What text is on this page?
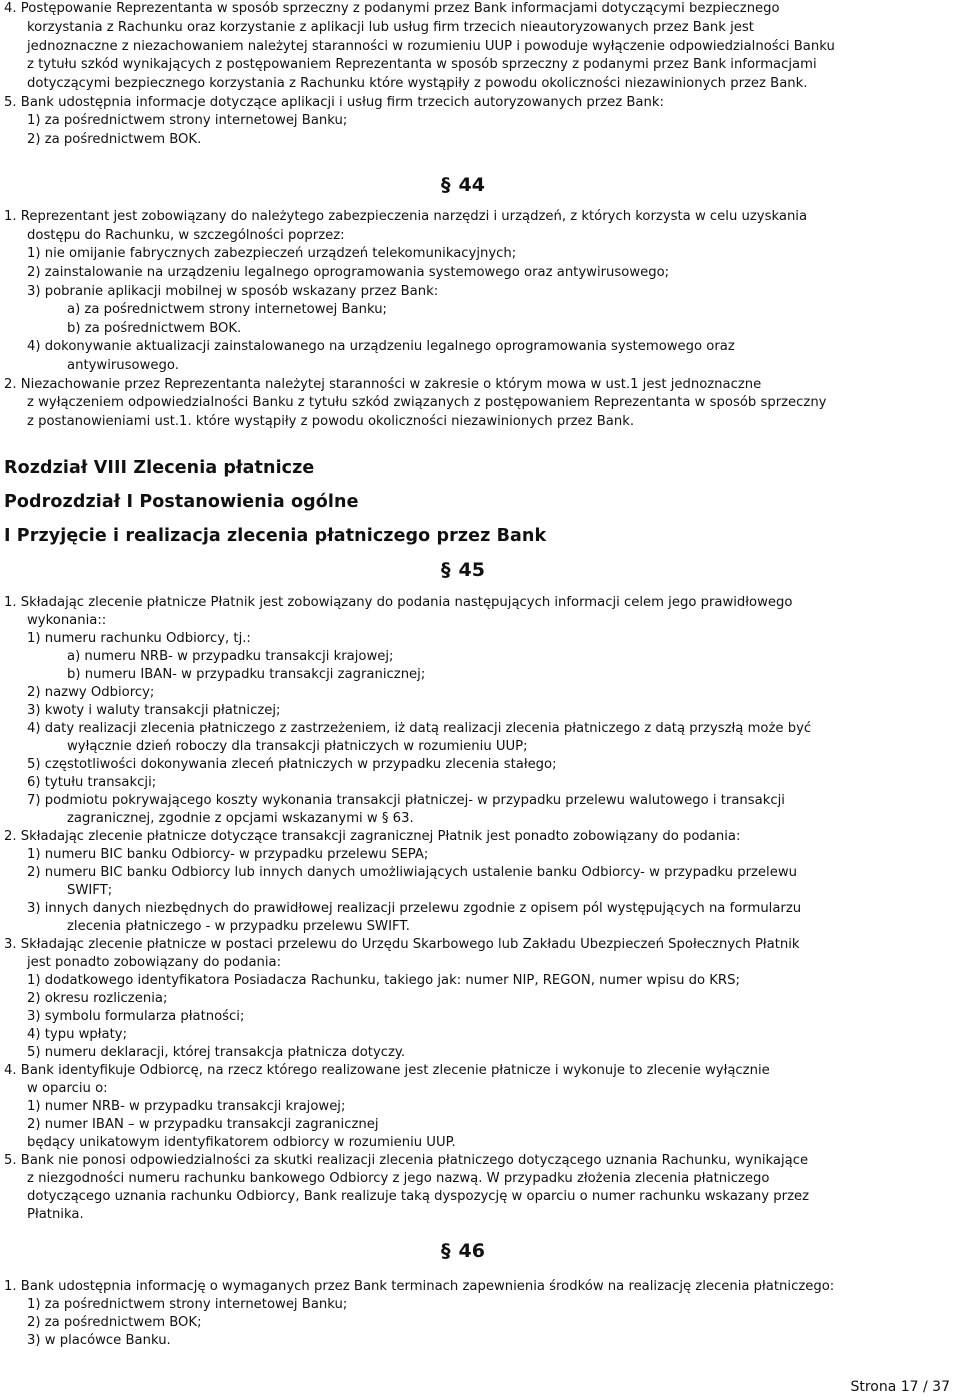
4. Postępowanie Reprezentanta w sposób sprzeczny z podanymi przez Bank informacjami dotyczącymi bezpiecznego
korzystania z Rachunku oraz korzystanie z aplikacji lub usług firm trzecich nieautoryzowanych przez Bank jest
jednoznaczne z niezachowaniem należytej staranności w rozumieniu UUP i powoduje wyłączenie odpowiedzialności Banku
z tytułu szkód wynikających z postępowaniem Reprezentanta w sposób sprzeczny z podanymi przez Bank informacjami
dotyczącymi bezpiecznego korzystania z Rachunku które wystąpiły z powodu okoliczności niezawinionych przez Bank.
5. Bank udostępnia informacje dotyczące aplikacji i usług firm trzecich autoryzowanych przez Bank:
1) za pośrednictwem strony internetowej Banku;
2) za pośrednictwem BOK.
§ 44
1. Reprezentant jest zobowiązany do należytego zabezpieczenia narzędzi i urządzeń, z których korzysta w celu uzyskania
dostępu do Rachunku, w szczególności poprzez:
1) nie omijanie fabrycznych zabezpieczeń urządzeń telekomunikacyjnych;
2) zainstalowanie na urządzeniu legalnego oprogramowania systemowego oraz antywirusowego;
3) pobranie aplikacji mobilnej w sposób wskazany przez Bank:
a) za pośrednictwem strony internetowej Banku;
b) za pośrednictwem BOK.
4) dokonywanie aktualizacji zainstalowanego na urządzeniu legalnego oprogramowania systemowego oraz
antywirusowego.
2. Niezachowanie przez Reprezentanta należytej staranności w zakresie o którym mowa w ust.1 jest jednoznaczne
z wyłączeniem odpowiedzialności Banku z tytułu szkód związanych z postępowaniem Reprezentanta w sposób sprzeczny
z postanowieniami ust.1. które wystąpiły z powodu okoliczności niezawinionych przez Bank.
Rozdział VIII Zlecenia płatnicze
Podrozdział I Postanowienia ogólne
I Przyjęcie i realizacja zlecenia płatniczego przez Bank
§ 45
1. Składając zlecenie płatnicze Płatnik jest zobowiązany do podania następujących informacji celem jego prawidłowego
wykonania::
1) numeru rachunku Odbiorcy, tj.:
a) numeru NRB- w przypadku transakcji krajowej;
b) numeru IBAN- w przypadku transakcji zagranicznej;
2) nazwy Odbiorcy;
3) kwoty i waluty transakcji płatniczej;
4) daty realizacji zlecenia płatniczego z zastrzeżeniem, iż datą realizacji zlecenia płatniczego z datą przyszłą może być
wyłącznie dzień roboczy dla transakcji płatniczych w rozumieniu UUP;
5) częstotliwości dokonywania zleceń płatniczych w przypadku zlecenia stałego;
6) tytułu transakcji;
7) podmiotu pokrywającego koszty wykonania transakcji płatniczej- w przypadku przelewu walutowego i transakcji
zagranicznej, zgodnie z opcjami wskazanymi w § 63.
2. Składając zlecenie płatnicze dotyczące transakcji zagranicznej Płatnik jest ponadto zobowiązany do podania:
1) numeru BIC banku Odbiorcy- w przypadku przelewu SEPA;
2) numeru BIC banku Odbiorcy lub innych danych umożliwiających ustalenie banku Odbiorcy- w przypadku przelewu
SWIFT;
3) innych danych niezbędnych do prawidłowej realizacji przelewu zgodnie z opisem pól występujących na formularzu
zlecenia płatniczego - w przypadku przelewu SWIFT.
3. Składając zlecenie płatnicze w postaci przelewu do Urzędu Skarbowego lub Zakładu Ubezpieczeń Społecznych Płatnik
jest ponadto zobowiązany do podania:
1) dodatkowego identyfikatora Posiadacza Rachunku, takiego jak: numer NIP, REGON, numer wpisu do KRS;
2) okresu rozliczenia;
3) symbolu formularza płatności;
4) typu wpłaty;
5) numeru deklaracji, której transakcja płatnicza dotyczy.
4. Bank identyfikuje Odbiorcę, na rzecz którego realizowane jest zlecenie płatnicze i wykonuje to zlecenie wyłącznie
w oparciu o:
1) numer NRB- w przypadku transakcji krajowej;
2) numer IBAN – w przypadku transakcji zagranicznej
będący unikatowym identyfikatorem odbiorcy w rozumieniu UUP.
5. Bank nie ponosi odpowiedzialności za skutki realizacji zlecenia płatniczego dotyczącego uznania Rachunku, wynikające
z niezgodności numeru rachunku bankowego Odbiorcy z jego nazwą. W przypadku złożenia zlecenia płatniczego
dotyczącego uznania rachunku Odbiorcy, Bank realizuje taką dyspozycję w oparciu o numer rachunku wskazany przez
Płatnika.
§ 46
1. Bank udostępnia informację o wymaganych przez Bank terminach zapewnienia środków na realizację zlecenia płatniczego:
1) za pośrednictwem strony internetowej Banku;
2) za pośrednictwem BOK;
3) w placówce Banku.
Strona 17 / 37
